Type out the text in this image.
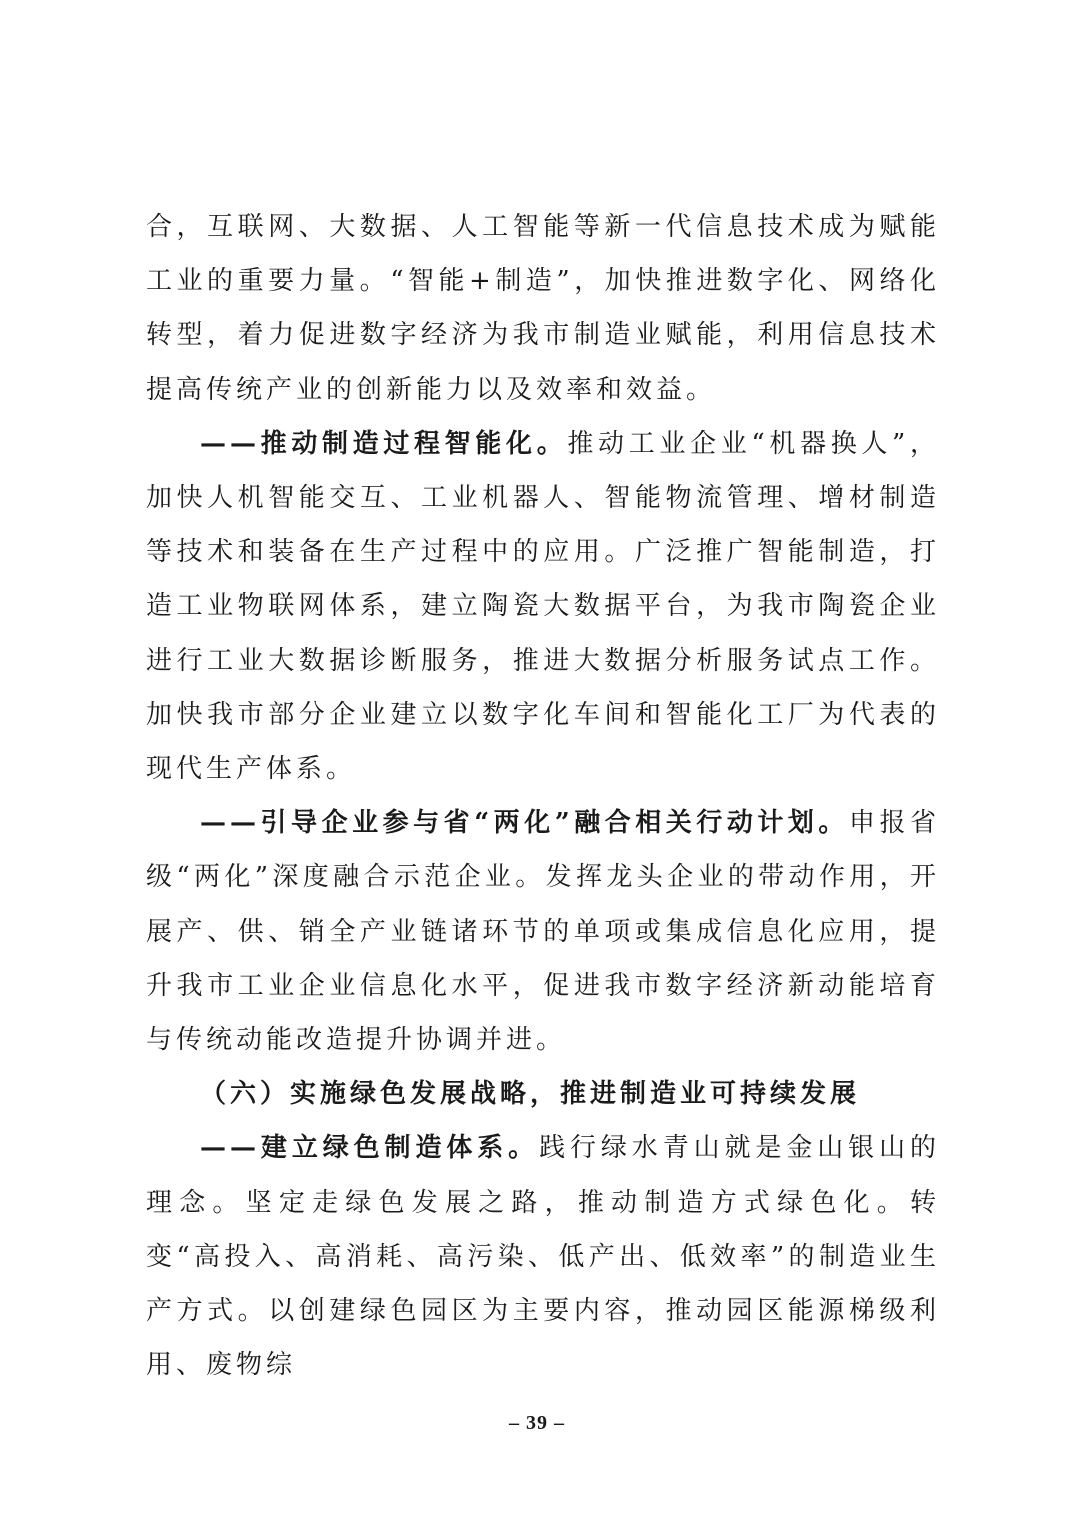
合，互联网、大数据、人工智能等新一代信息技术成为赋能工业的重要力量。“智能+制造”，加快推进数字化、网络化转型，着力促进数字经济为我市制造业赋能，利用信息技术提高传统产业的创新能力以及效率和效益。

——推动制造过程智能化。推动工业企业“机器换人”，加快人机智能交互、工业机器人、智能物流管理、增材制造等技术和装备在生产过程中的应用。广泛推广智能制造，打造工业物联网体系，建立陶瓷大数据平台，为我市陶瓷企业进行工业大数据诊断服务，推进大数据分析服务试点工作。加快我市部分企业建立以数字化车间和智能化工厂为代表的现代生产体系。

——引导企业参与省“两化”融合相关行动计划。申报省级“两化”深度融合示范企业。发挥龙头企业的带动作用，开展产、供、销全产业链诸环节的单项或集成信息化应用，提升我市工业企业信息化水平，促进我市数字经济新动能培育与传统动能改造提升协调并进。

（六）实施绿色发展战略，推进制造业可持续发展

——建立绿色制造体系。践行绿水青山就是金山银山的理念。坚定走绿色发展之路，推动制造方式绿色化。转变“高投入、高消耗、高污染、低产出、低效率”的制造业生产方式。以创建绿色园区为主要内容，推动园区能源梯级利用、废物综

– 39 –
